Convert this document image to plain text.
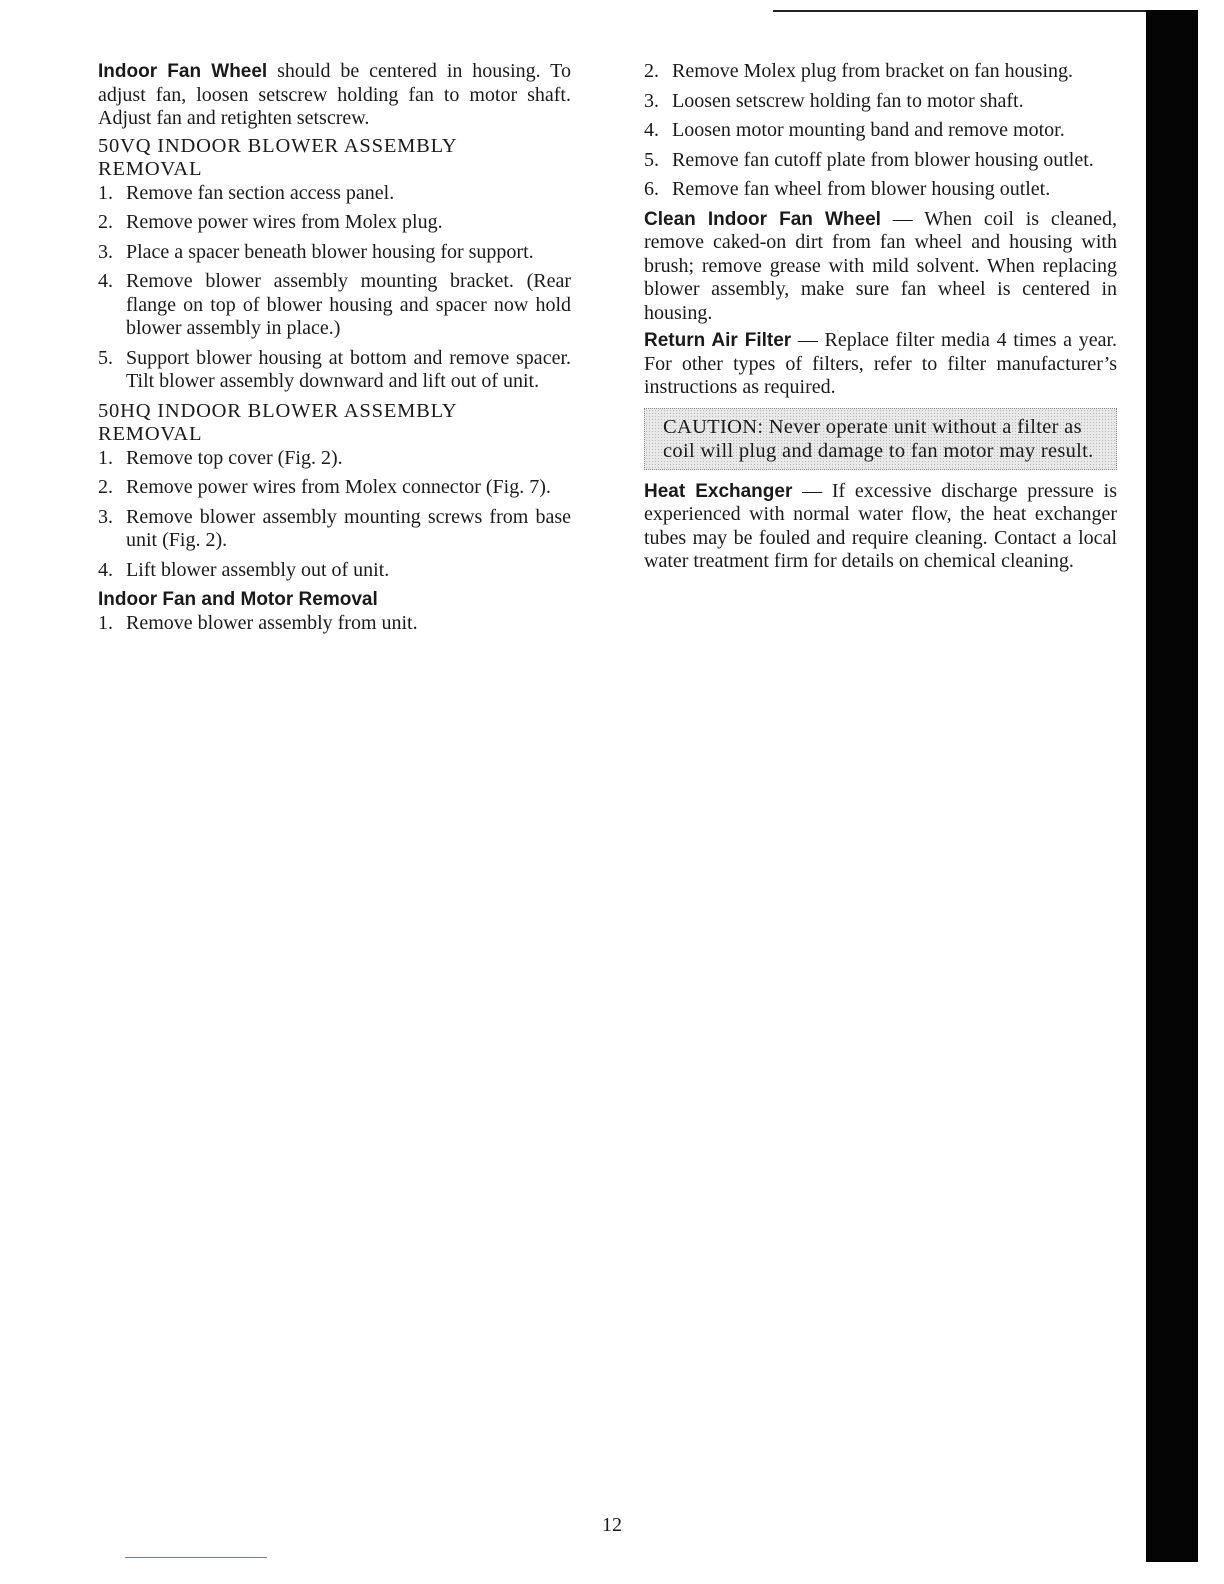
Indoor Fan Wheel should be centered in housing. To adjust fan, loosen setscrew holding fan to motor shaft. Adjust fan and retighten setscrew.

50VQ INDOOR BLOWER ASSEMBLY
REMOVAL
1. Remove fan section access panel.
2. Remove power wires from Molex plug.
3. Place a spacer beneath blower housing for support.
4. Remove blower assembly mounting bracket. (Rear flange on top of blower housing and spacer now hold blower assembly in place.)
5. Support blower housing at bottom and remove spacer. Tilt blower assembly downward and lift out of unit.
50HQ INDOOR BLOWER ASSEMBLY
REMOVAL
1. Remove top cover (Fig. 2).
2. Remove power wires from Molex connector (Fig. 7).
3. Remove blower assembly mounting screws from base unit (Fig. 2).
4. Lift blower assembly out of unit.
Indoor Fan and Motor Removal
1. Remove blower assembly from unit.
2. Remove Molex plug from bracket on fan housing.
3. Loosen setscrew holding fan to motor shaft.
4. Loosen motor mounting band and remove motor.
5. Remove fan cutoff plate from blower housing outlet.
6. Remove fan wheel from blower housing outlet.

Clean Indoor Fan Wheel — When coil is cleaned, remove caked-on dirt from fan wheel and housing with brush; remove grease with mild solvent. When replacing blower assembly, make sure fan wheel is centered in housing.

Return Air Filter — Replace filter media 4 times a year. For other types of filters, refer to filter manufacturer’s instructions as required.

CAUTION: Never operate unit without a filter as coil will plug and damage to fan motor may result.

Heat Exchanger — If excessive discharge pressure is experienced with normal water flow, the heat exchanger tubes may be fouled and require cleaning. Contact a local water treatment firm for details on chemical cleaning.

12
